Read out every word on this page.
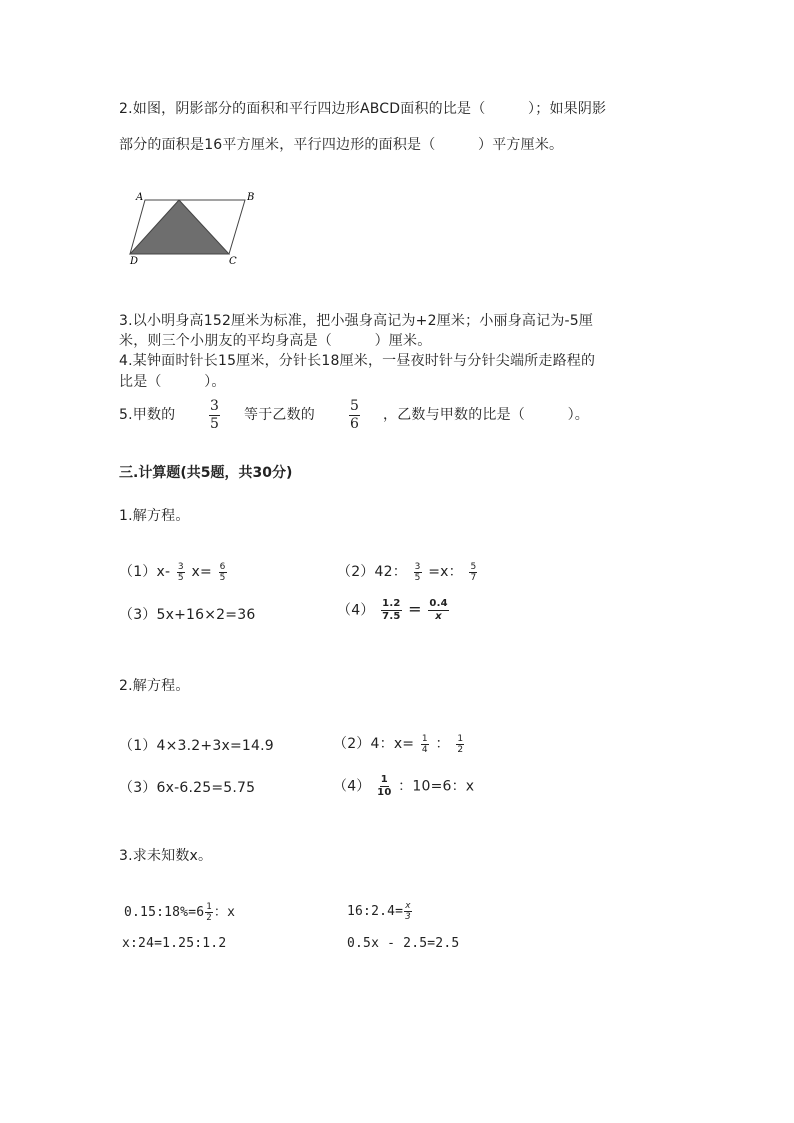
2.如图，阴影部分的面积和平行四边形ABCD面积的比是（　　　）；如果阴影
部分的面积是16平方厘米，平行四边形的面积是（　　　）平方厘米。
A	B
C
D
3.以小明身高152厘米为标准，把小强身高记为+2厘米；小丽身高记为-5厘
米，则三个小朋友的平均身高是（　　　）厘米。
4.某钟面时针长15厘米，分针长18厘米，一昼夜时针与分针尖端所走路程的
比是（　　　）。
5.甲数的 $\frac{3}{5}$ 等于乙数的 $\frac{5}{6}$ ，乙数与甲数的比是（　　　）。
三.计算题(共5题，共30分)
1.解方程。
$(1)x- \frac{3}{5} x= \frac{6}{5}$	（2）42： $\frac{3}{5} =x$： $\frac{5}{7}$
（3）5x+16×2=36	$(4) \frac{1.2}{7.5} = \frac{0.4}{x}$
2.解方程。
（1）4×3.2+3x=14.9	（2）4：$x= \frac{1}{4}$ ： $\frac{1}{2}$
（3）6x-6.25=5.75	$(4) \frac{1}{10}$ ：10=6：x
3.求未知数x。
0.15:18%=6 $\frac{1}{2}$ ：x	16:2.4= $\frac{x}{3}$
x:24=1.25:1.2	0.5x - 2.5=2.5
